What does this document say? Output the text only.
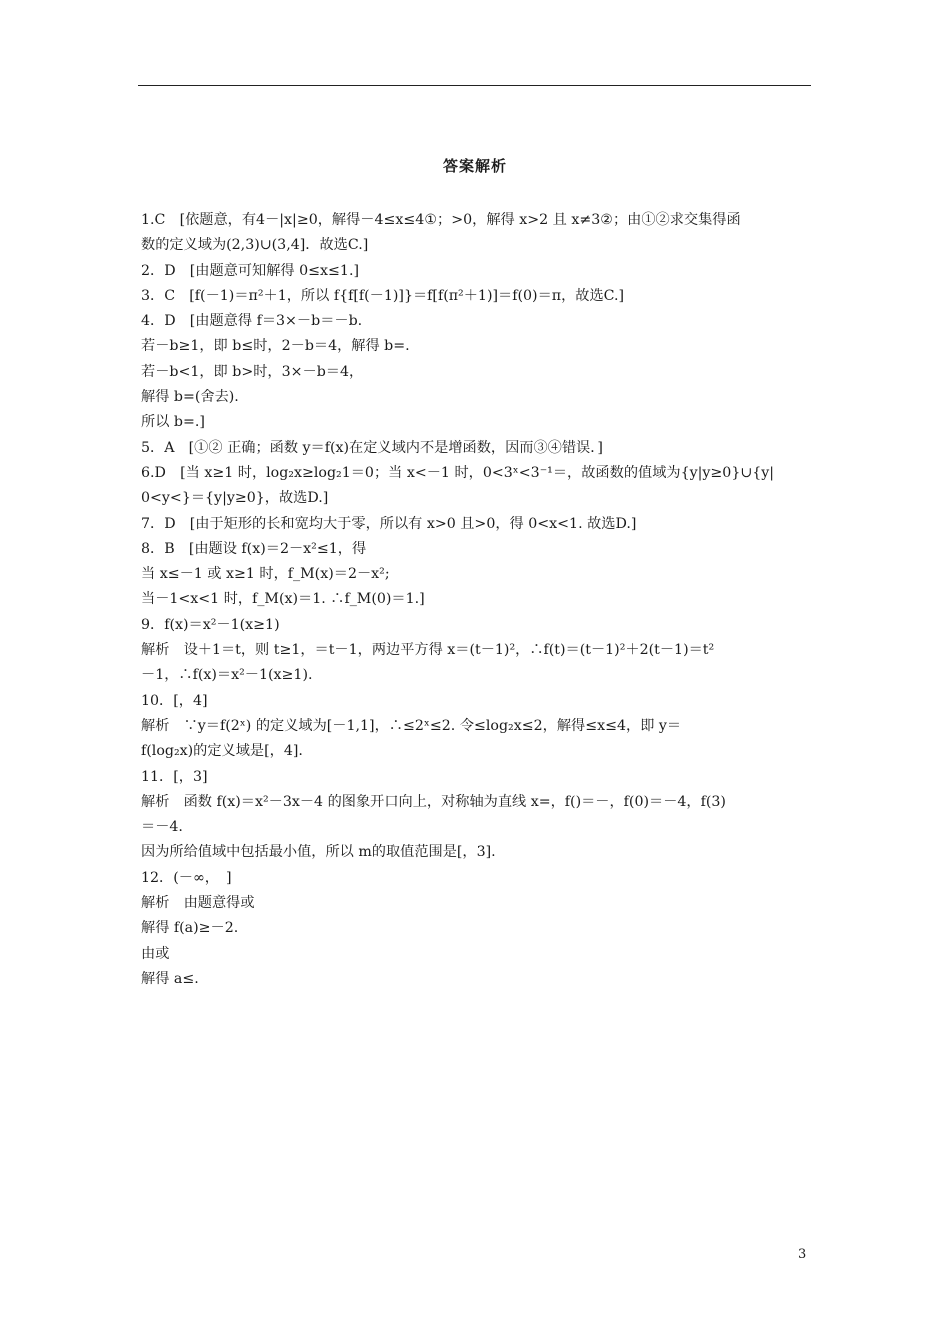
答案解析
1.C　[依题意，有4－|x|≥0，解得－4≤x≤4①；>0，解得 x>2 且 x≠3②；由①②求交集得函
数的定义域为(2,3)∪(3,4]．故选C.]
2．D　[由题意可知解得 0≤x≤1.]
3．C　[f(－1)＝π²＋1，所以 f{f[f(－1)]}＝f[f(π²＋1)]＝f(0)＝π，故选C.]
4．D　[由题意得 f＝3×－b＝－b.
若－b≥1，即 b≤时，2－b＝4，解得 b=.
若－b<1，即 b>时，3×－b＝4，
解得 b=(舍去).
所以 b=.]
5．A　[①② 正确；函数 y＝f(x)在定义域内不是增函数，因而③④错误．]
6.D　[当 x≥1 时，log₂x≥log₂1＝0；当 x<－1 时，0<3ˣ<3⁻¹＝，故函数的值域为{y|y≥0}∪{y|
0<y<}＝{y|y≥0}，故选D.]
7．D　[由于矩形的长和宽均大于零，所以有 x>0 且>0，得 0<x<1. 故选D.]
8．B　[由题设 f(x)＝2－x²≤1，得
当 x≤－1 或 x≥1 时，f_M(x)＝2－x²;
当－1<x<1 时，f_M(x)＝1. ∴f_M(0)＝1.]
9．f(x)＝x²－1(x≥1)
解析　设＋1＝t，则 t≥1，＝t－1，两边平方得 x＝(t－1)²，∴f(t)＝(t－1)²＋2(t－1)＝t²
－1，∴f(x)＝x²－1(x≥1).
10．[，4]
解析　∵y＝f(2ˣ) 的定义域为[－1,1]，∴≤2ˣ≤2. 令≤log₂x≤2，解得≤x≤4，即 y＝
f(log₂x)的定义域是[，4].
11．[，3]
解析　函数 f(x)＝x²－3x－4 的图象开口向上，对称轴为直线 x=，f()＝－，f(0)＝－4，f(3)
＝－4.
因为所给值域中包括最小值，所以 m的取值范围是[，3].
12．(－∞，　]
解析　由题意得或
解得 f(a)≥－2.
由或
解得 a≤.
3
